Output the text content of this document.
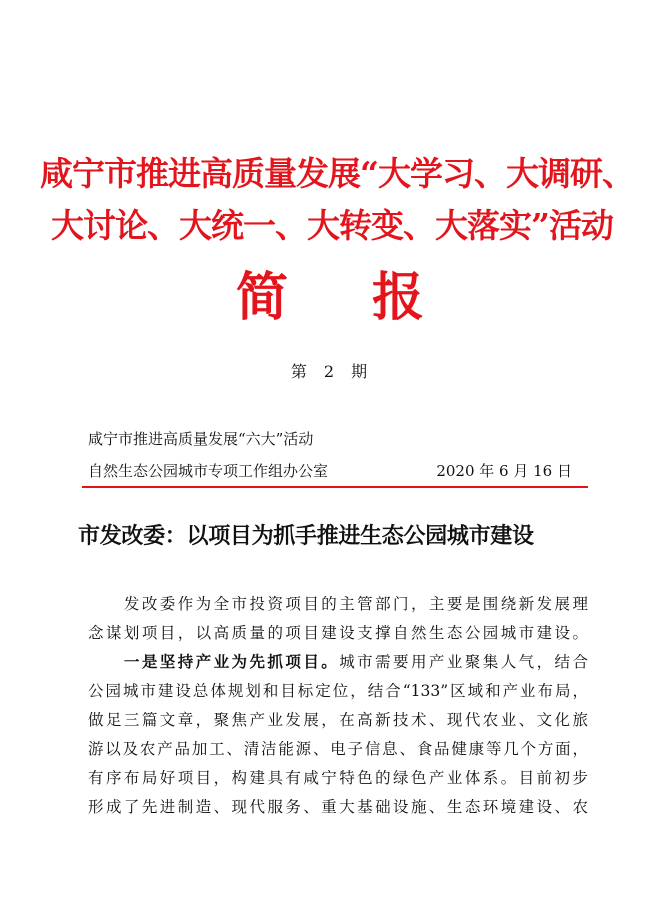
咸宁市推进高质量发展“大学习、大调研、
大讨论、大统一、大转变、大落实”活动
简 报
第 2 期
咸宁市推进高质量发展“六大”活动
自然生态公园城市专项工作组办公室	2020 年 6 月 16 日
市发改委：以项目为抓手推进生态公园城市建设
　　发改委作为全市投资项目的主管部门，主要是围绕新发展理
念谋划项目，以高质量的项目建设支撑自然生态公园城市建设。
　　一是坚持产业为先抓项目。城市需要用产业聚集人气，结合
公园城市建设总体规划和目标定位，结合“133”区域和产业布局，
做足三篇文章，聚焦产业发展，在高新技术、现代农业、文化旅
游以及农产品加工、清洁能源、电子信息、食品健康等几个方面，
有序布局好项目，构建具有咸宁特色的绿色产业体系。目前初步
形成了先进制造、现代服务、重大基础设施、生态环境建设、农
